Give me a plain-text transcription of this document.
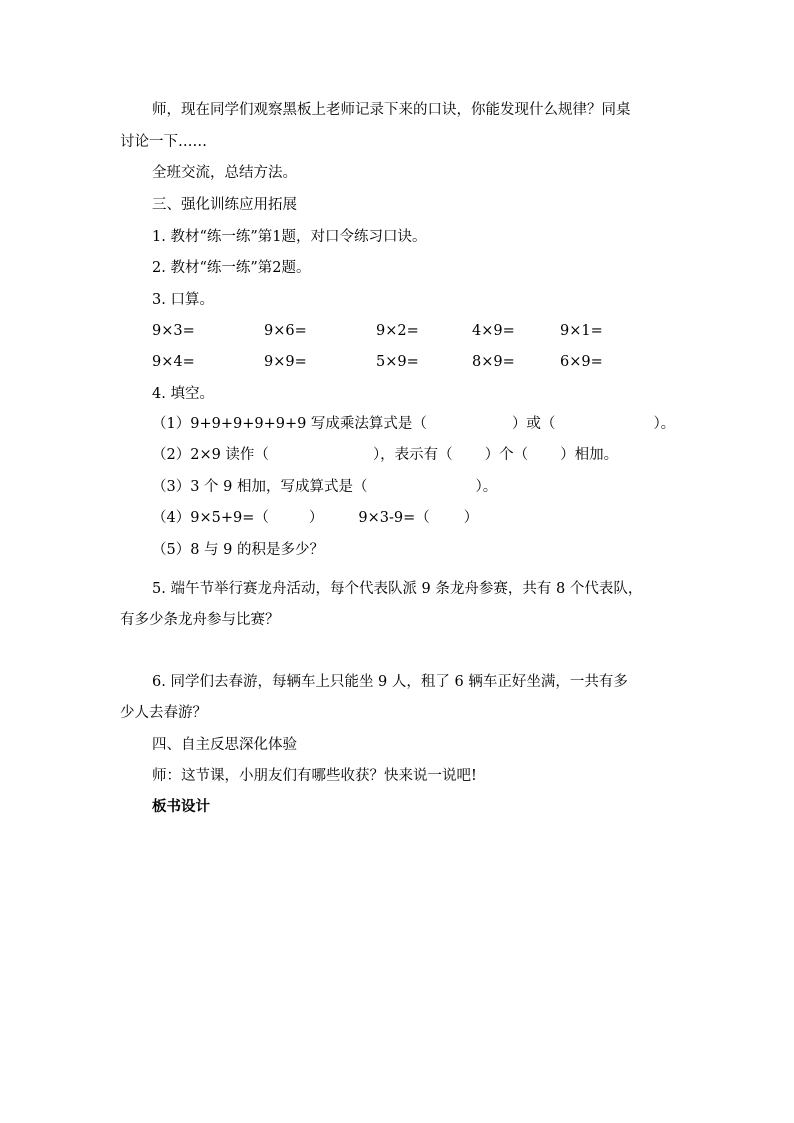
师，现在同学们观察黑板上老师记录下来的口诀，你能发现什么规律？同桌
讨论一下……
全班交流，总结方法。
三、强化训练应用拓展
1. 教材“练一练”第1题，对口令练习口诀。
2. 教材“练一练”第2题。
3. 口算。
9×3=	9×6=	9×2=	4×9=	9×1=
9×4=	9×9=	5×9=	8×9=	6×9=
4. 填空。
（1）9+9+9+9+9+9 写成乘法算式是（	）或（	）。
（2）2×9 读作（	），表示有（ ）个（ ）相加。
（3）3 个 9 相加，写成算式是（	）。
（4）9×5+9=（	） 9×3-9=（ ）
（5）8 与 9 的积是多少？
5. 端午节举行赛龙舟活动，每个代表队派 9 条龙舟参赛，共有 8 个代表队，
有多少条龙舟参与比赛？
6. 同学们去春游，每辆车上只能坐 9 人，租了 6 辆车正好坐满，一共有多
少人去春游？
四、自主反思深化体验
师：这节课，小朋友们有哪些收获？快来说一说吧!
板书设计
